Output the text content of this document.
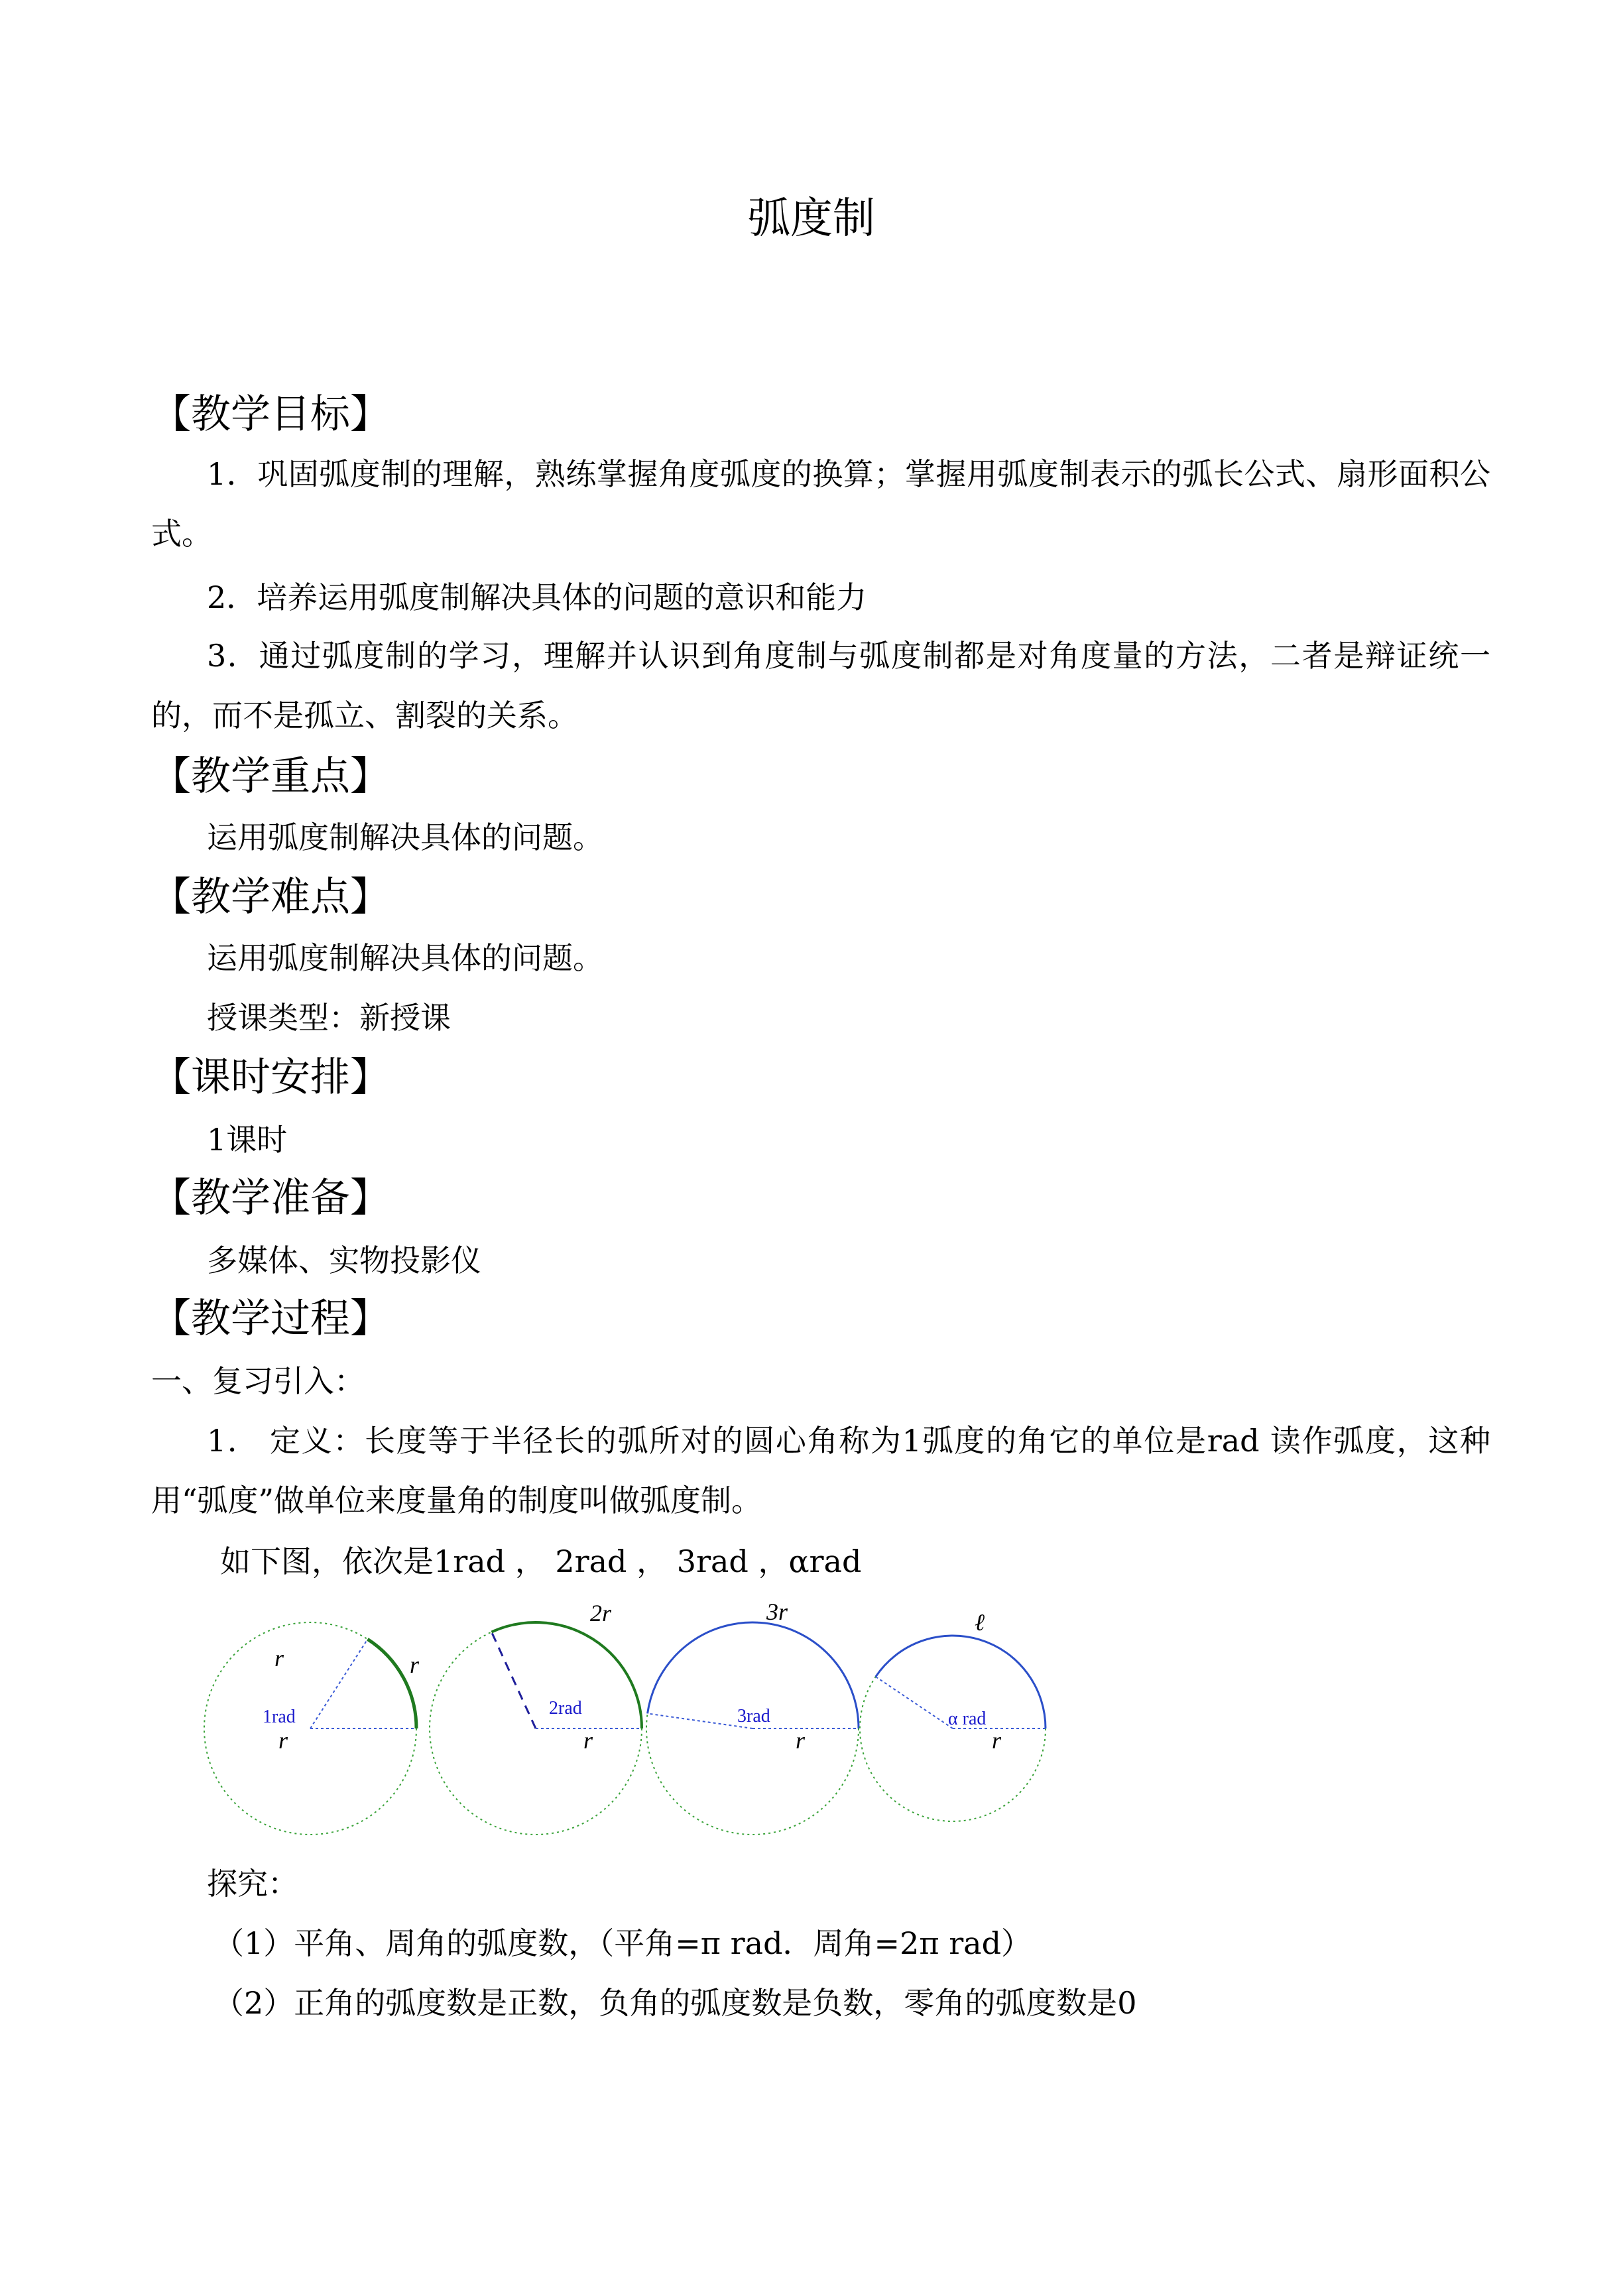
弧度制
【教学目标】
1．巩固弧度制的理解，熟练掌握角度弧度的换算；掌握用弧度制表示的弧长公式、扇形面积公式。
2．培养运用弧度制解决具体的问题的意识和能力
3．通过弧度制的学习，理解并认识到角度制与弧度制都是对角度量的方法，二者是辩证统一的，而不是孤立、割裂的关系。
【教学重点】
运用弧度制解决具体的问题。
【教学难点】
运用弧度制解决具体的问题。
授课类型：新授课
【课时安排】
1课时
【教学准备】
多媒体、实物投影仪
【教学过程】
一、复习引入：
1． 定义：长度等于半径长的弧所对的圆心角称为1弧度的角它的单位是rad 读作弧度，这种用“弧度”做单位来度量角的制度叫做弧度制。
如下图，依次是1rad ， 2rad ， 3rad ，αrad
1rad
r
r	r
2rad
r
2r
3rad
r
3r
α rad
r
ℓ
探究：
（1）平角、周角的弧度数，（平角=π rad．周角=2π rad）
（2）正角的弧度数是正数，负角的弧度数是负数，零角的弧度数是0
